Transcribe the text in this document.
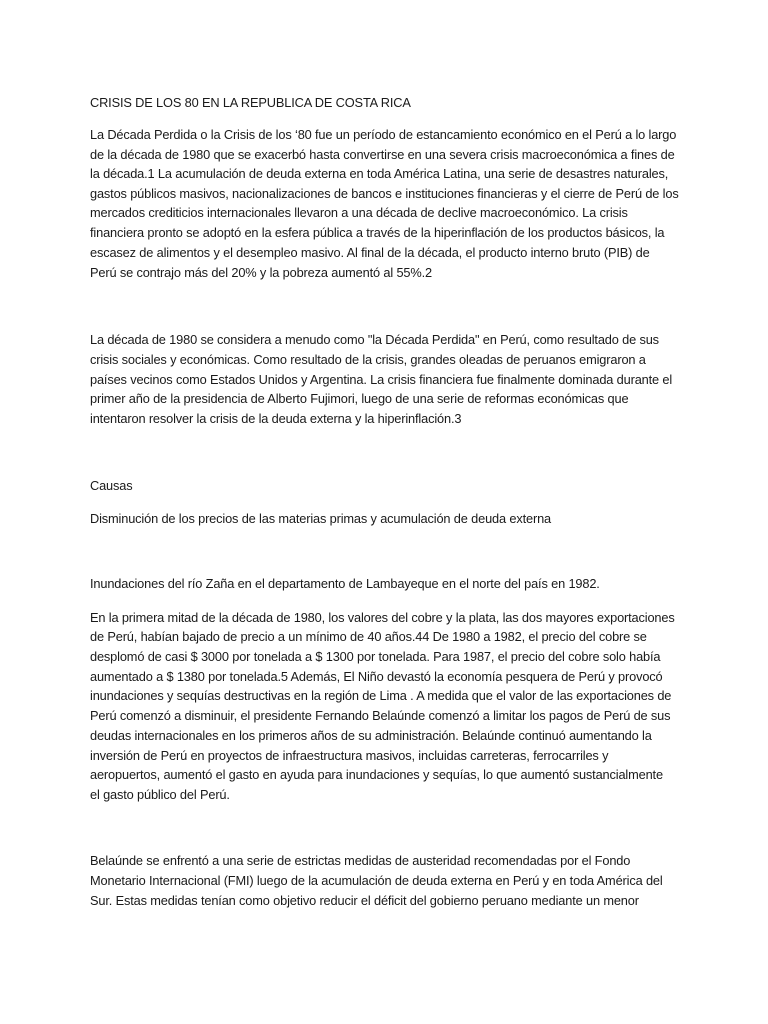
CRISIS DE LOS 80 EN LA REPUBLICA DE COSTA RICA
La Década Perdida o la Crisis de los ‘80 fue un período de estancamiento económico en el Perú a lo largo
de la década de 1980 que se exacerbó hasta convertirse en una severa crisis macroeconómica a fines de
la década.1 La acumulación de deuda externa en toda América Latina, una serie de desastres naturales,
gastos públicos masivos, nacionalizaciones de bancos e instituciones financieras y el cierre de Perú de los
mercados crediticios internacionales llevaron a una década de declive macroeconómico. La crisis
financiera pronto se adoptó en la esfera pública a través de la hiperinflación de los productos básicos, la
escasez de alimentos y el desempleo masivo. Al final de la década, el producto interno bruto (PIB) de
Perú se contrajo más del 20% y la pobreza aumentó al 55%.2
La década de 1980 se considera a menudo como "la Década Perdida" en Perú, como resultado de sus
crisis sociales y económicas. Como resultado de la crisis, grandes oleadas de peruanos emigraron a
países vecinos como Estados Unidos y Argentina. La crisis financiera fue finalmente dominada durante el
primer año de la presidencia de Alberto Fujimori, luego de una serie de reformas económicas que
intentaron resolver la crisis de la deuda externa y la hiperinflación.3
Causas
Disminución de los precios de las materias primas y acumulación de deuda externa
Inundaciones del río Zaña en el departamento de Lambayeque en el norte del país en 1982.
En la primera mitad de la década de 1980, los valores del cobre y la plata, las dos mayores exportaciones
de Perú, habían bajado de precio a un mínimo de 40 años.44 De 1980 a 1982, el precio del cobre se
desplomó de casi $ 3000 por tonelada a $ 1300 por tonelada. Para 1987, el precio del cobre solo había
aumentado a $ 1380 por tonelada.5 Además, El Niño devastó la economía pesquera de Perú y provocó
inundaciones y sequías destructivas en la región de Lima . A medida que el valor de las exportaciones de
Perú comenzó a disminuir, el presidente Fernando Belaúnde comenzó a limitar los pagos de Perú de sus
deudas internacionales en los primeros años de su administración. Belaúnde continuó aumentando la
inversión de Perú en proyectos de infraestructura masivos, incluidas carreteras, ferrocarriles y
aeropuertos, aumentó el gasto en ayuda para inundaciones y sequías, lo que aumentó sustancialmente
el gasto público del Perú.
Belaúnde se enfrentó a una serie de estrictas medidas de austeridad recomendadas por el Fondo
Monetario Internacional (FMI) luego de la acumulación de deuda externa en Perú y en toda América del
Sur. Estas medidas tenían como objetivo reducir el déficit del gobierno peruano mediante un menor
